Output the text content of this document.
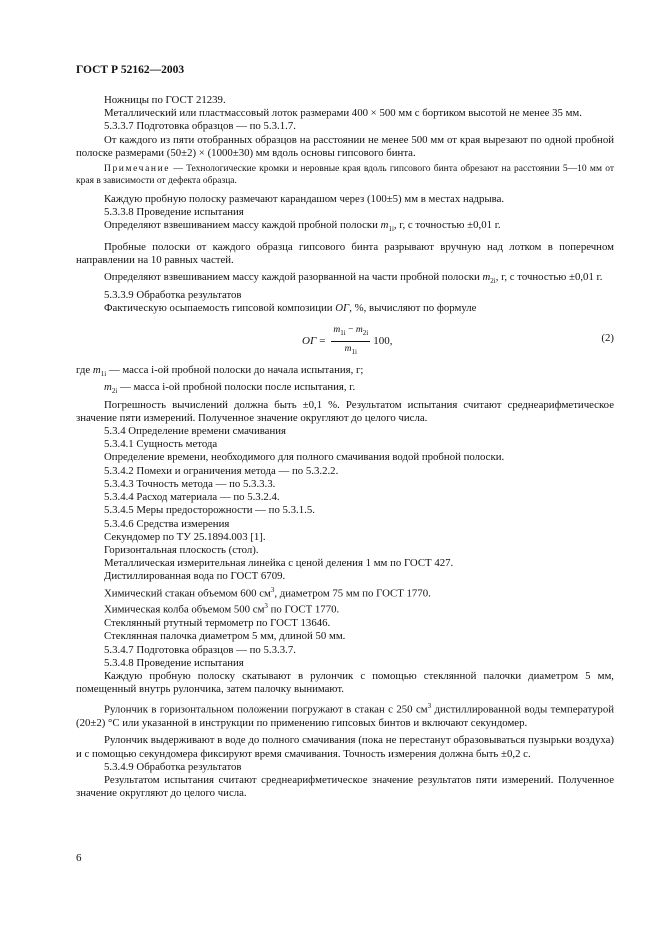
ГОСТ Р 52162—2003

Ножницы по ГОСТ 21239.

Металлический или пластмассовый лоток размерами 400 × 500 мм с бортиком высотой не менее 35 мм.

5.3.3.7 Подготовка образцов — по 5.3.1.7.

От каждого из пяти отобранных образцов на расстоянии не менее 500 мм от края вырезают по одной пробной полоске размерами (50±2) × (1000±30) мм вдоль основы гипсового бинта.

Примечание — Технологические кромки и неровные края вдоль гипсового бинта обрезают на расстоянии 5—10 мм от края в зависимости от дефекта образца.

Каждую пробную полоску размечают карандашом через (100±5) мм в местах надрыва.

5.3.3.8 Проведение испытания

Определяют взвешиванием массу каждой пробной полоски $m_{1i}$, г, с точностью ±0,01 г.

Пробные полоски от каждого образца гипсового бинта разрывают вручную над лотком в поперечном направлении на 10 равных частей.

Определяют взвешиванием массу каждой разорванной на части пробной полоски $m_{2i}$, г, с точностью ±0,01 г.

5.3.3.9 Обработка результатов

Фактическую осыпаемость гипсовой композиции ОГ, %, вычисляют по формуле

ОГ = $\frac{m_{1i} - m_{2i}}{m_{1i}} 100$,	(2)

где $m_{1i}$ — масса i-ой пробной полоски до начала испытания, г;

$m_{2i}$ — масса i-ой пробной полоски после испытания, г.

Погрешность вычислений должна быть ±0,1 %. Результатом испытания считают среднеарифметическое значение пяти измерений. Полученное значение округляют до целого числа.

5.3.4 Определение времени смачивания

5.3.4.1 Сущность метода

Определение времени, необходимого для полного смачивания водой пробной полоски.

5.3.4.2 Помехи и ограничения метода — по 5.3.2.2.

5.3.4.3 Точность метода — по 5.3.3.3.

5.3.4.4 Расход материала — по 5.3.2.4.

5.3.4.5 Меры предосторожности — по 5.3.1.5.

5.3.4.6 Средства измерения

Секундомер по ТУ 25.1894.003 [1].

Горизонтальная плоскость (стол).

Металлическая измерительная линейка с ценой деления 1 мм по ГОСТ 427.

Дистиллированная вода по ГОСТ 6709.

Химический стакан объемом 600 $см^3$, диаметром 75 мм по ГОСТ 1770.

Химическая колба объемом 500 $см^3$ по ГОСТ 1770.

Стеклянный ртутный термометр по ГОСТ 13646.

Стеклянная палочка диаметром 5 мм, длиной 50 мм.

5.3.4.7 Подготовка образцов — по 5.3.3.7.

5.3.4.8 Проведение испытания

Каждую пробную полоску скатывают в рулончик с помощью стеклянной палочки диаметром 5 мм, помещенный внутрь рулончика, затем палочку вынимают.

Рулончик в горизонтальном положении погружают в стакан с 250 $см^3$ дистиллированной воды температурой (20±2) °С или указанной в инструкции по применению гипсовых бинтов и включают секундомер.

Рулончик выдерживают в воде до полного смачивания (пока не перестанут образовываться пузырьки воздуха) и с помощью секундомера фиксируют время смачивания. Точность измерения должна быть ±0,2 с.

5.3.4.9 Обработка результатов

Результатом испытания считают среднеарифметическое значение результатов пяти измерений. Полученное значение округляют до целого числа.

6
